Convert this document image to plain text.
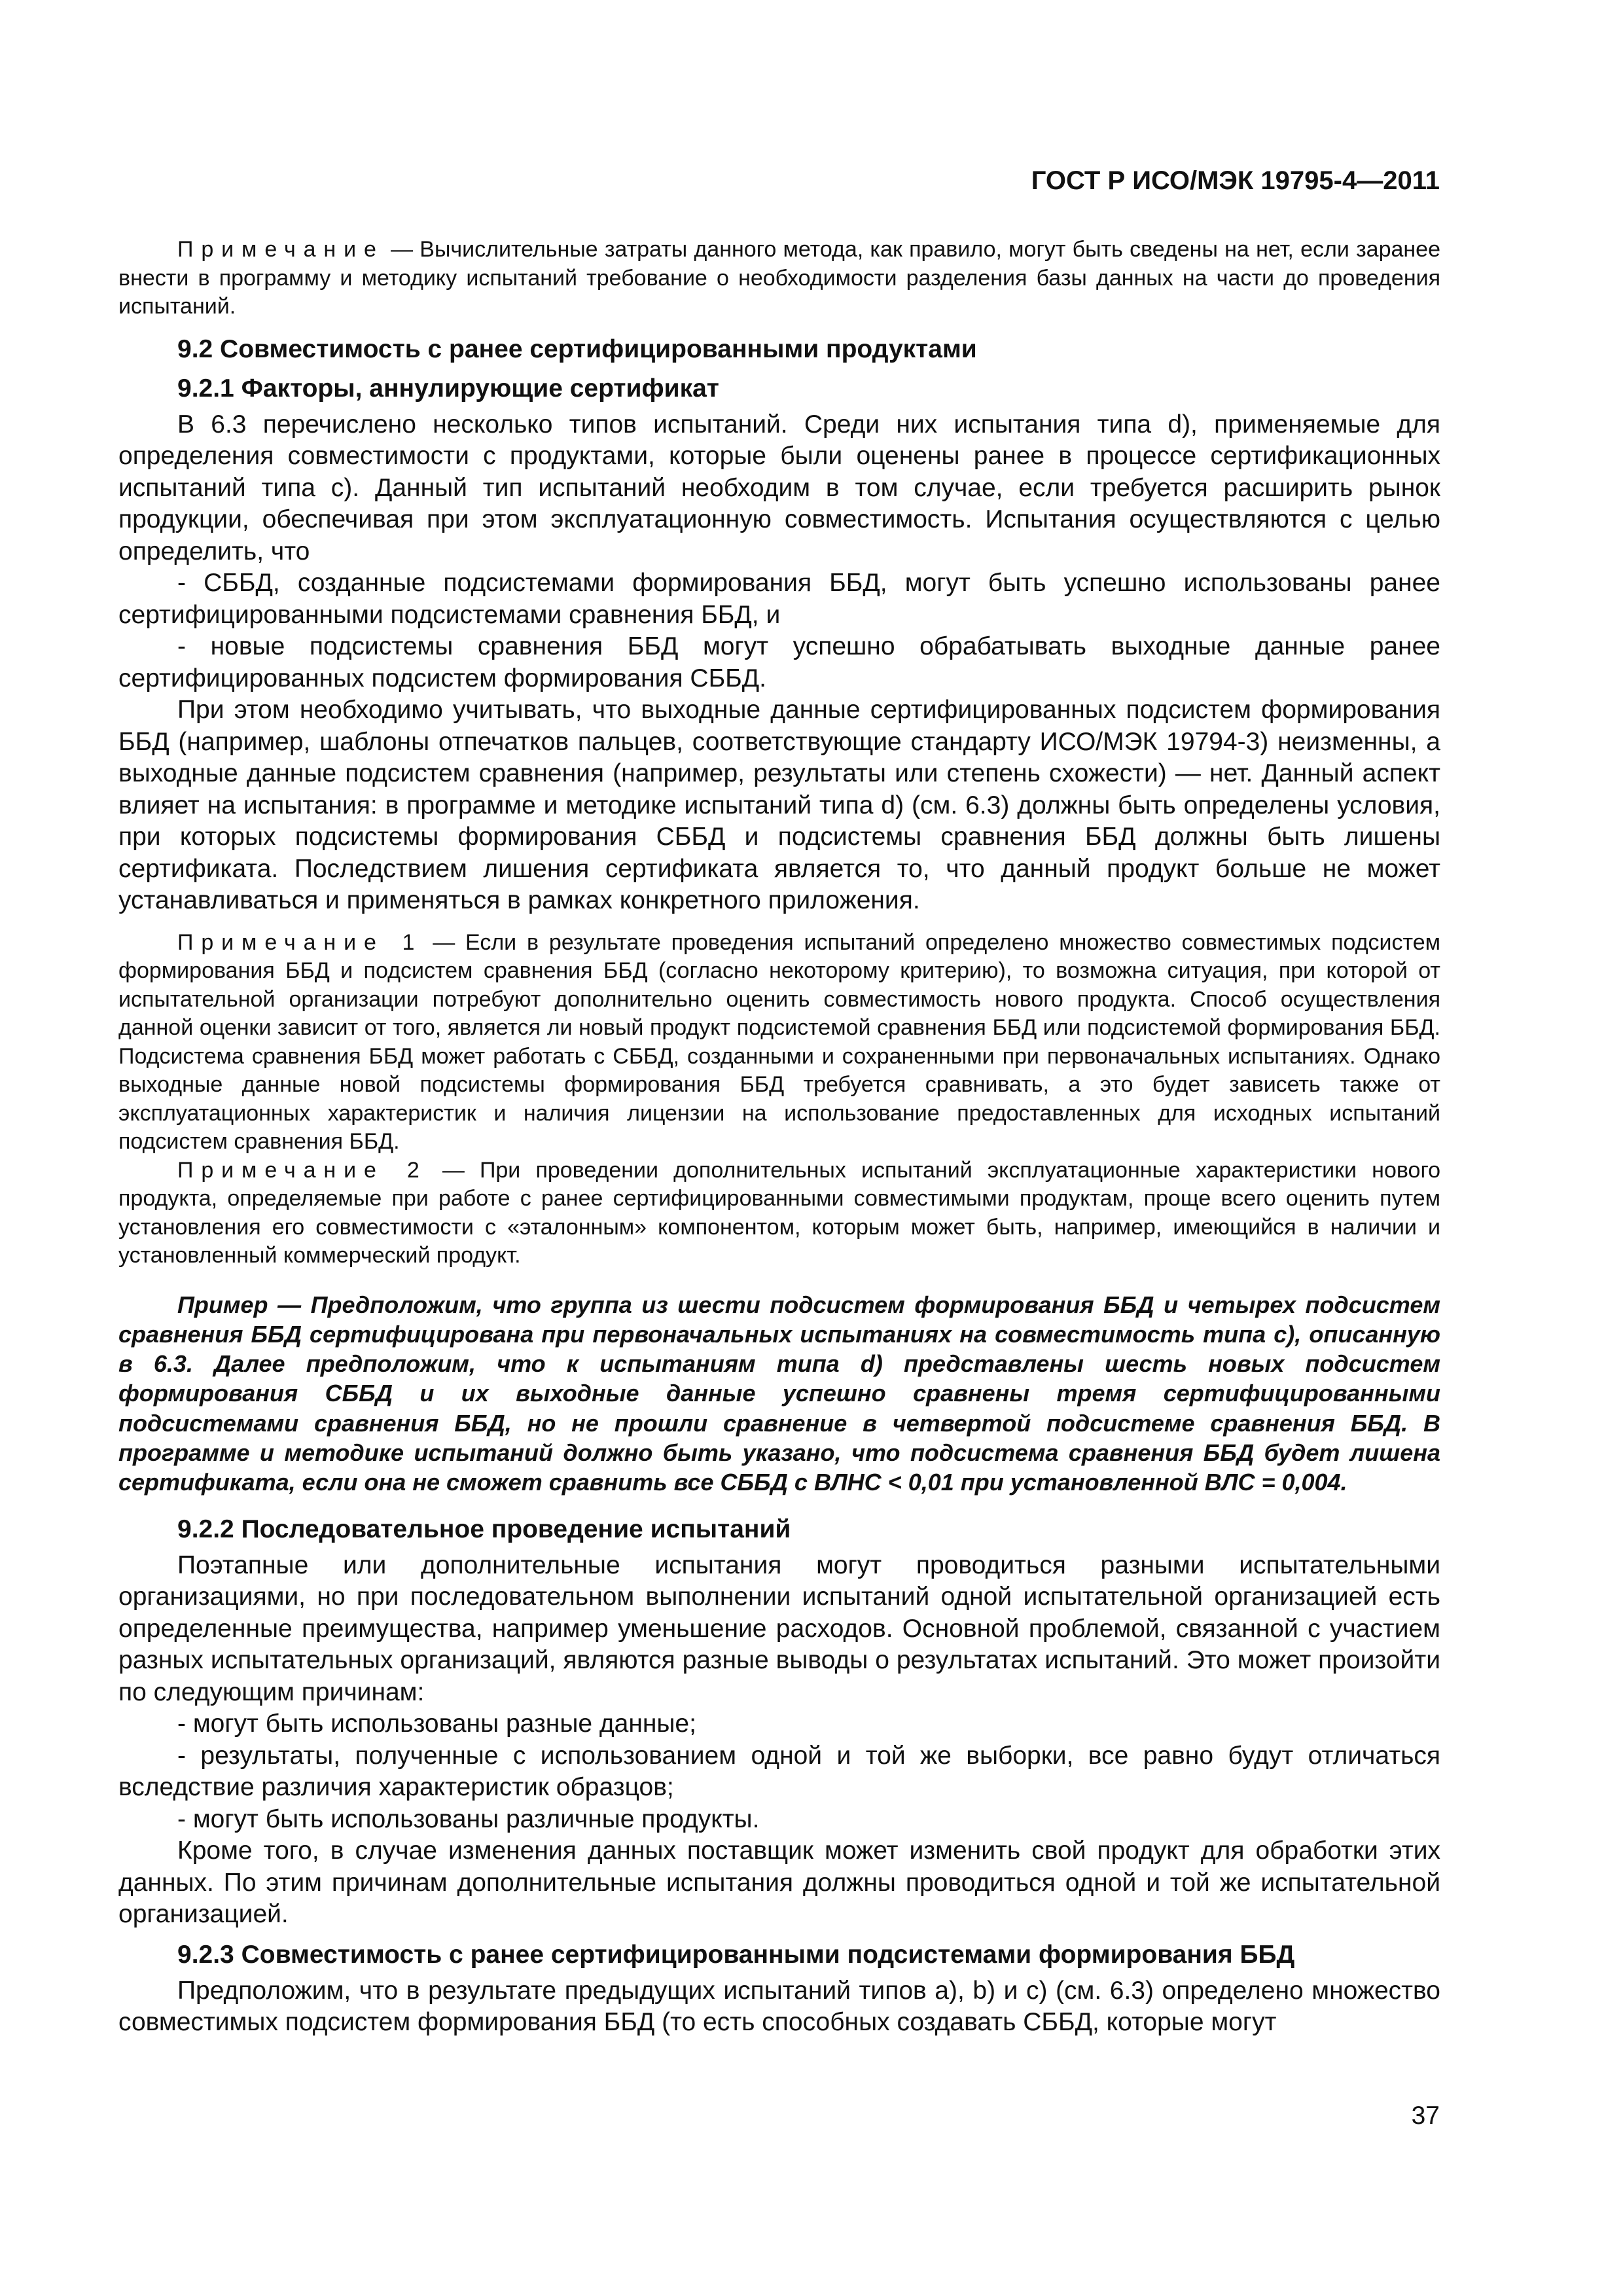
ГОСТ Р ИСО/МЭК 19795-4—2011

Примечание — Вычислительные затраты данного метода, как правило, могут быть сведены на нет, если заранее внести в программу и методику испытаний требование о необходимости разделения базы данных на части до проведения испытаний.

9.2 Совместимость с ранее сертифицированными продуктами

9.2.1 Факторы, аннулирующие сертификат

В 6.3 перечислено несколько типов испытаний. Среди них испытания типа d), применяемые для определения совместимости с продуктами, которые были оценены ранее в процессе сертификационных испытаний типа c). Данный тип испытаний необходим в том случае, если требуется расширить рынок продукции, обеспечивая при этом эксплуатационную совместимость. Испытания осуществляются с целью определить, что

- СББД, созданные подсистемами формирования ББД, могут быть успешно использованы ранее сертифицированными подсистемами сравнения ББД, и

- новые подсистемы сравнения ББД могут успешно обрабатывать выходные данные ранее сертифицированных подсистем формирования СББД.

При этом необходимо учитывать, что выходные данные сертифицированных подсистем формирования ББД (например, шаблоны отпечатков пальцев, соответствующие стандарту ИСО/МЭК 19794-3) неизменны, а выходные данные подсистем сравнения (например, результаты или степень схожести) — нет. Данный аспект влияет на испытания: в программе и методике испытаний типа d) (см. 6.3) должны быть определены условия, при которых подсистемы формирования СББД и подсистемы сравнения ББД должны быть лишены сертификата. Последствием лишения сертификата является то, что данный продукт больше не может устанавливаться и применяться в рамках конкретного приложения.

Примечание 1 — Если в результате проведения испытаний определено множество совместимых подсистем формирования ББД и подсистем сравнения ББД (согласно некоторому критерию), то возможна ситуация, при которой от испытательной организации потребуют дополнительно оценить совместимость нового продукта. Способ осуществления данной оценки зависит от того, является ли новый продукт подсистемой сравнения ББД или подсистемой формирования ББД. Подсистема сравнения ББД может работать с СББД, созданными и сохраненными при первоначальных испытаниях. Однако выходные данные новой подсистемы формирования ББД требуется сравнивать, а это будет зависеть также от эксплуатационных характеристик и наличия лицензии на использование предоставленных для исходных испытаний подсистем сравнения ББД.

Примечание 2 — При проведении дополнительных испытаний эксплуатационные характеристики нового продукта, определяемые при работе с ранее сертифицированными совместимыми продуктам, проще всего оценить путем установления его совместимости с «эталонным» компонентом, которым может быть, например, имеющийся в наличии и установленный коммерческий продукт.

Пример — Предположим, что группа из шести подсистем формирования ББД и четырех подсистем сравнения ББД сертифицирована при первоначальных испытаниях на совместимость типа c), описанную в 6.3. Далее предположим, что к испытаниям типа d) представлены шесть новых подсистем формирования СББД и их выходные данные успешно сравнены тремя сертифицированными подсистемами сравнения ББД, но не прошли сравнение в четвертой подсистеме сравнения ББД. В программе и методике испытаний должно быть указано, что подсистема сравнения ББД будет лишена сертификата, если она не сможет сравнить все СББД с ВЛНС < 0,01 при установленной ВЛС = 0,004.

9.2.2 Последовательное проведение испытаний

Поэтапные или дополнительные испытания могут проводиться разными испытательными организациями, но при последовательном выполнении испытаний одной испытательной организацией есть определенные преимущества, например уменьшение расходов. Основной проблемой, связанной с участием разных испытательных организаций, являются разные выводы о результатах испытаний. Это может произойти по следующим причинам:

- могут быть использованы разные данные;

- результаты, полученные с использованием одной и той же выборки, все равно будут отличаться вследствие различия характеристик образцов;

- могут быть использованы различные продукты.

Кроме того, в случае изменения данных поставщик может изменить свой продукт для обработки этих данных. По этим причинам дополнительные испытания должны проводиться одной и той же испытательной организацией.

9.2.3 Совместимость с ранее сертифицированными подсистемами формирования ББД

Предположим, что в результате предыдущих испытаний типов a), b) и c) (см. 6.3) определено множество совместимых подсистем формирования ББД (то есть способных создавать СББД, которые могут

37
